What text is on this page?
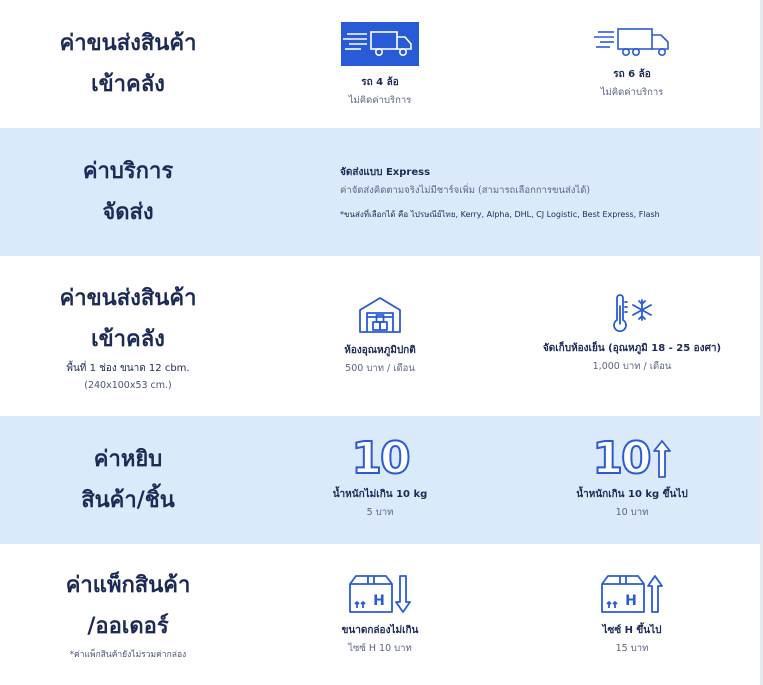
ค่าขนส่งสินค้า
เข้าคลัง	รถ 4 ล้อ
ไม่คิดค่าบริการ
รถ 6 ล้อ
ไม่คิดค่าบริการ
ค่าบริการ
จัดส่ง
จัดส่งแบบ Express
ค่าจัดส่งคิดตามจริงไม่มีชาร์จเพิ่ม (สามารถเลือกการขนส่งได้)
*ขนส่งที่เลือกได้ คือ ไปรษณีย์ไทย, Kerry, Alpha, DHL, CJ Logistic, Best Express, Flash
ค่าขนส่งสินค้า
เข้าคลัง
พื้นที่ 1 ช่อง ขนาด 12 cbm.
(240x100x53 cm.)
ห้องอุณหภูมิปกติ
500 บาท / เดือน
จัดเก็บห้องเย็น (อุณหภูมิ 18 - 25 องศา)
1,000 บาท / เดือน
ค่าหยิบ
สินค้า/ชิ้น
10
น้ำหนักไม่เกิน 10 kg
5 บาท
10
น้ำหนักเกิน 10 kg ขึ้นไป
10 บาท
ค่าแพ็กสินค้า
/ออเดอร์
*ค่าแพ็กสินค้ายังไม่รวมค่ากล่อง
H
ขนาดกล่องไม่เกิน
ไซซ์ H 10 บาท
H
ไซซ์ H ขึ้นไป
15 บาท
